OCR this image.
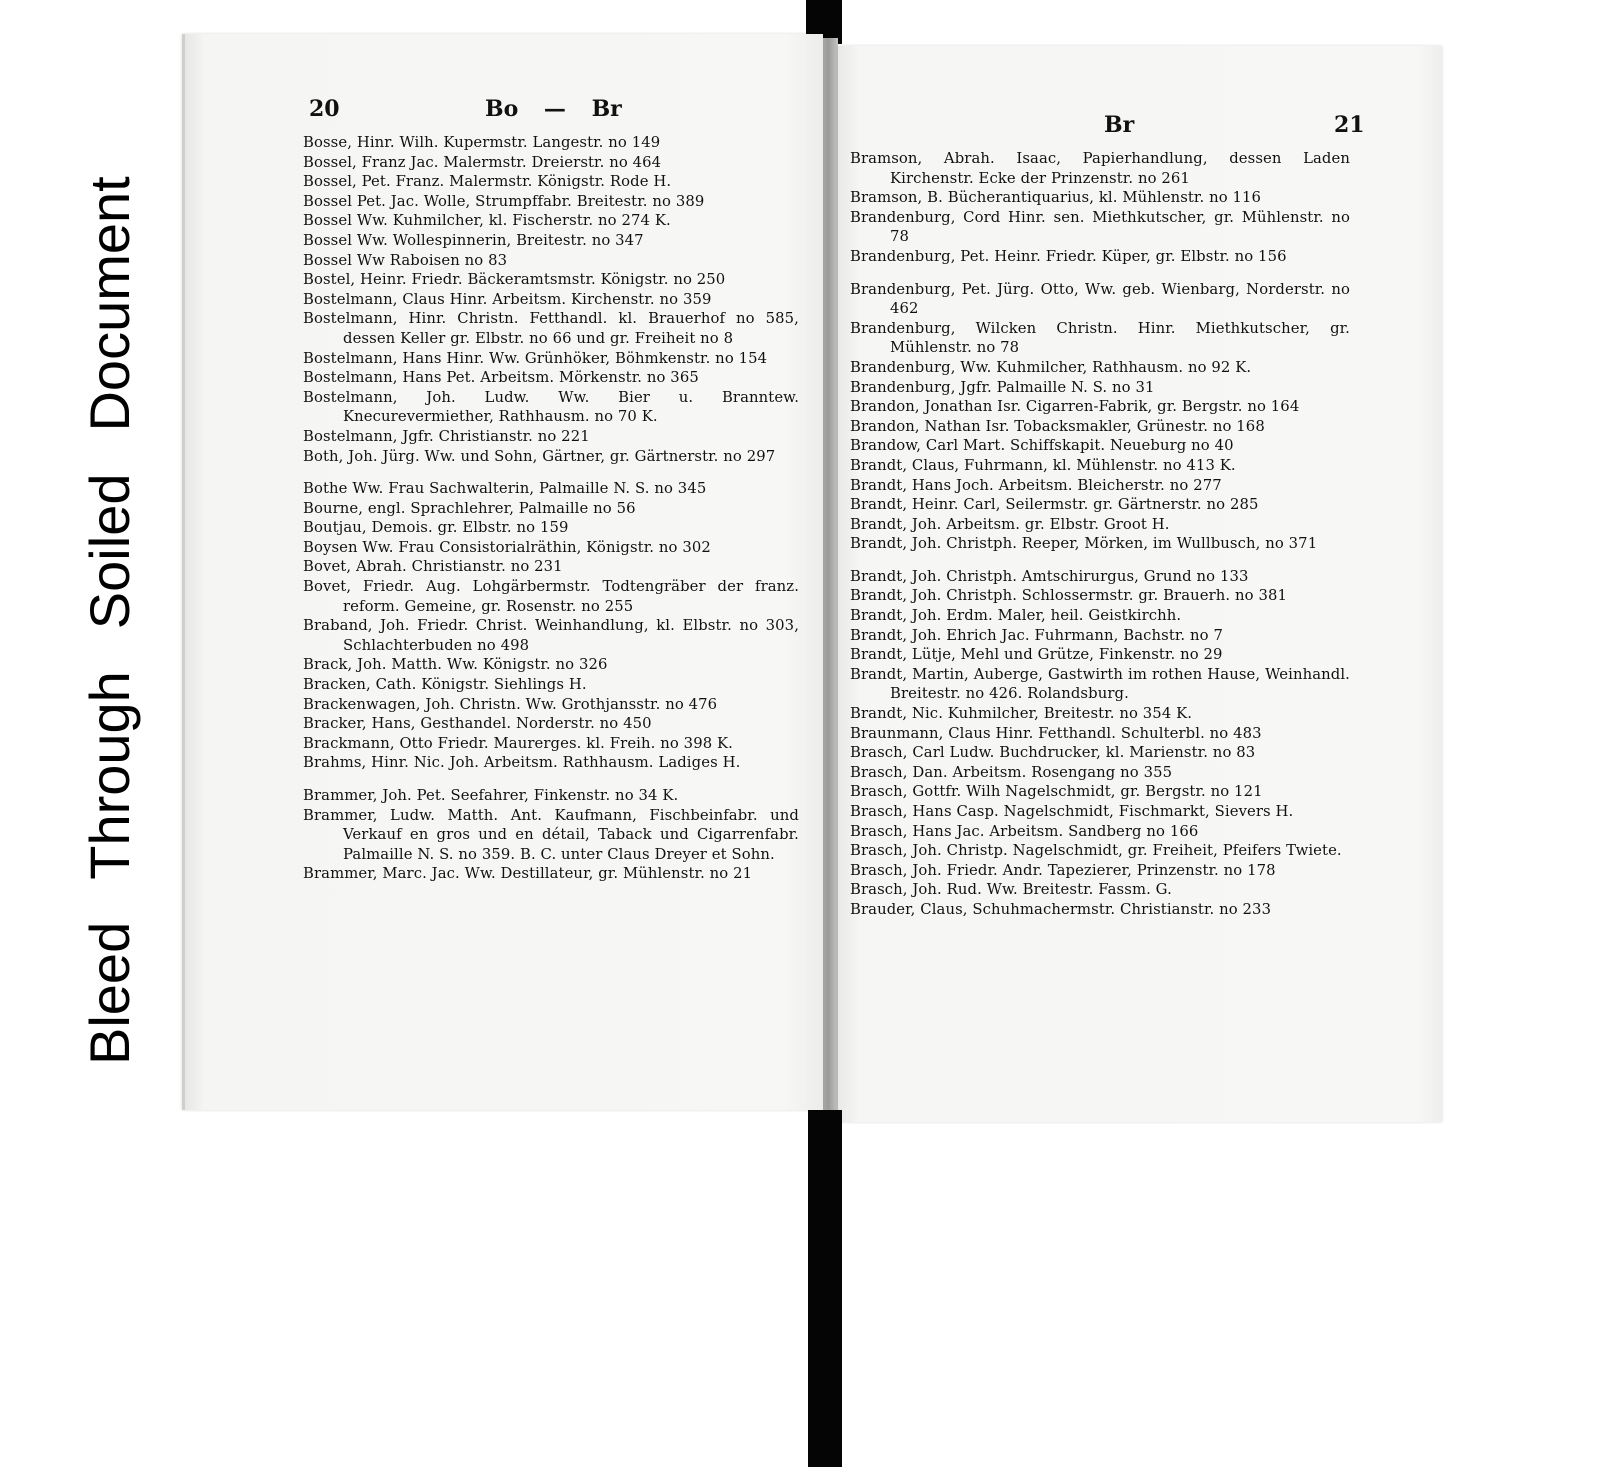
Bleed
Through
Soiled
Document
20	Bo — Br
Bosse, Hinr. Wilh. Kupermstr. Langestr. no 149
Bossel, Franz Jac. Malermstr. Dreierstr. no 464
Bossel, Pet. Franz. Malermstr. Königstr. Rode H.
Bossel Pet. Jac. Wolle, Strumpffabr. Breitestr. no 389
Bossel Ww. Kuhmilcher, kl. Fischerstr. no 274 K.
Bossel Ww. Wollespinnerin, Breitestr. no 347
Bossel Ww Raboisen no 83
Bostel, Heinr. Friedr. Bäckeramtsmstr. Königstr. no 250
Bostelmann, Claus Hinr. Arbeitsm. Kirchenstr. no 359
Bostelmann, Hinr. Christn. Fetthandl. kl. Brauerhof no 585, dessen Keller gr. Elbstr. no 66 und gr. Freiheit no 8
Bostelmann, Hans Hinr. Ww. Grünhöker, Böhmkenstr. no 154
Bostelmann, Hans Pet. Arbeitsm. Mörkenstr. no 365
Bostelmann, Joh. Ludw. Ww. Bier u. Branntew. Knecurevermiether, Rathhausm. no 70 K.
Bostelmann, Jgfr. Christianstr. no 221
Both, Joh. Jürg. Ww. und Sohn, Gärtner, gr. Gärtnerstr. no 297
Bothe Ww. Frau Sachwalterin, Palmaille N. S. no 345
Bourne, engl. Sprachlehrer, Palmaille no 56
Boutjau, Demois. gr. Elbstr. no 159
Boysen Ww. Frau Consistorialräthin, Königstr. no 302
Bovet, Abrah. Christianstr. no 231
Bovet, Friedr. Aug. Lohgärbermstr. Todtengräber der franz. reform. Gemeine, gr. Rosenstr. no 255
Braband, Joh. Friedr. Christ. Weinhandlung, kl. Elbstr. no 303, Schlachterbuden no 498
Brack, Joh. Matth. Ww. Königstr. no 326
Bracken, Cath. Königstr. Siehlings H.
Brackenwagen, Joh. Christn. Ww. Grothjansstr. no 476
Bracker, Hans, Gesthandel. Norderstr. no 450
Brackmann, Otto Friedr. Maurerges. kl. Freih. no 398 K.
Brahms, Hinr. Nic. Joh. Arbeitsm. Rathhausm. Ladiges H.
Brammer, Joh. Pet. Seefahrer, Finkenstr. no 34 K.
Brammer, Ludw. Matth. Ant. Kaufmann, Fischbeinfabr. und Verkauf en gros und en détail, Taback und Cigarrenfabr. Palmaille N. S. no 359. B. C. unter Claus Dreyer et Sohn.
Brammer, Marc. Jac. Ww. Destillateur, gr. Mühlenstr. no 21
Br	21
Bramson, Abrah. Isaac, Papierhandlung, dessen Laden Kirchenstr. Ecke der Prinzenstr. no 261
Bramson, B. Bücherantiquarius, kl. Mühlenstr. no 116
Brandenburg, Cord Hinr. sen. Miethkutscher, gr. Mühlenstr. no 78
Brandenburg, Pet. Heinr. Friedr. Küper, gr. Elbstr. no 156
Brandenburg, Pet. Jürg. Otto, Ww. geb. Wienbarg, Norderstr. no 462
Brandenburg, Wilcken Christn. Hinr. Miethkutscher, gr. Mühlenstr. no 78
Brandenburg, Ww. Kuhmilcher, Rathhausm. no 92 K.
Brandenburg, Jgfr. Palmaille N. S. no 31
Brandon, Jonathan Isr. Cigarren-Fabrik, gr. Bergstr. no 164
Brandon, Nathan Isr. Tobacksmakler, Grünestr. no 168
Brandow, Carl Mart. Schiffskapit. Neueburg no 40
Brandt, Claus, Fuhrmann, kl. Mühlenstr. no 413 K.
Brandt, Hans Joch. Arbeitsm. Bleicherstr. no 277
Brandt, Heinr. Carl, Seilermstr. gr. Gärtnerstr. no 285
Brandt, Joh. Arbeitsm. gr. Elbstr. Groot H.
Brandt, Joh. Christph. Reeper, Mörken, im Wullbusch, no 371
Brandt, Joh. Christph. Amtschirurgus, Grund no 133
Brandt, Joh. Christph. Schlossermstr. gr. Brauerh. no 381
Brandt, Joh. Erdm. Maler, heil. Geistkirchh.
Brandt, Joh. Ehrich Jac. Fuhrmann, Bachstr. no 7
Brandt, Lütje, Mehl und Grütze, Finkenstr. no 29
Brandt, Martin, Auberge, Gastwirth im rothen Hause, Weinhandl. Breitestr. no 426. Rolandsburg.
Brandt, Nic. Kuhmilcher, Breitestr. no 354 K.
Braunmann, Claus Hinr. Fetthandl. Schulterbl. no 483
Brasch, Carl Ludw. Buchdrucker, kl. Marienstr. no 83
Brasch, Dan. Arbeitsm. Rosengang no 355
Brasch, Gottfr. Wilh Nagelschmidt, gr. Bergstr. no 121
Brasch, Hans Casp. Nagelschmidt, Fischmarkt, Sievers H.
Brasch, Hans Jac. Arbeitsm. Sandberg no 166
Brasch, Joh. Christp. Nagelschmidt, gr. Freiheit, Pfeifers Twiete.
Brasch, Joh. Friedr. Andr. Tapezierer, Prinzenstr. no 178
Brasch, Joh. Rud. Ww. Breitestr. Fassm. G.
Brauder, Claus, Schuhmachermstr. Christianstr. no 233
